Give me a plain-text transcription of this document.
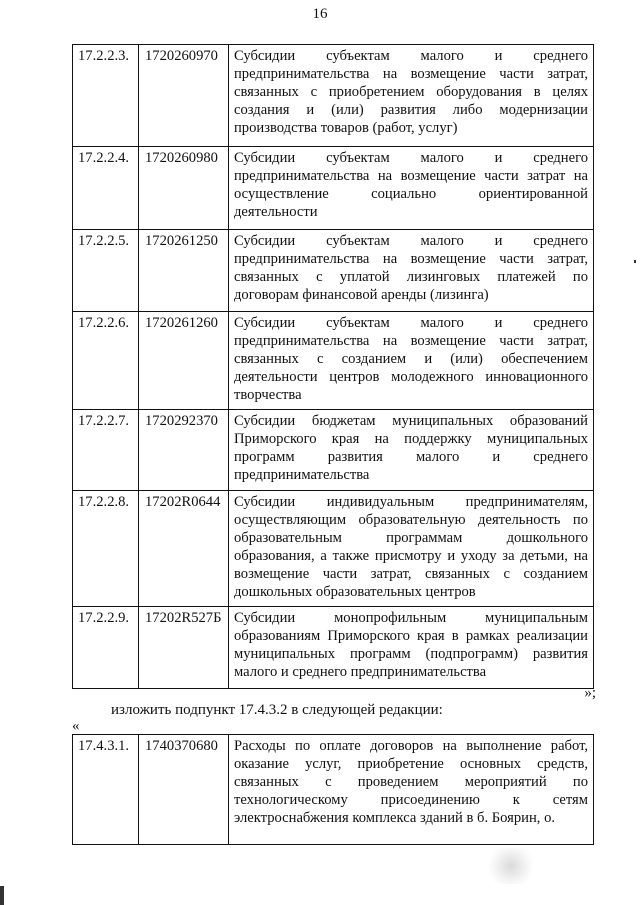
16
17.2.2.3.	1720260970	Субсидии субъектам малого и среднего предпринимательства на возмещение части затрат, связанных с приобретением оборудования в целях создания и (или) развития либо модернизации производства товаров (работ, услуг)
17.2.2.4.	1720260980	Субсидии субъектам малого и среднего предпринимательства на возмещение части затрат на осуществление социально ориентированной деятельности
17.2.2.5.	1720261250	Субсидии субъектам малого и среднего предпринимательства на возмещение части затрат, связанных с уплатой лизинговых платежей по договорам финансовой аренды (лизинга)
17.2.2.6.	1720261260	Субсидии субъектам малого и среднего предпринимательства на возмещение части затрат, связанных с созданием и (или) обеспечением деятельности центров молодежного инновационного творчества
17.2.2.7.	1720292370	Субсидии бюджетам муниципальных образований Приморского края на поддержку муниципальных программ развития малого и среднего предпринимательства
17.2.2.8.	17202R0644	Субсидии индивидуальным предпринимателям, осуществляющим образовательную деятельность по образовательным программам дошкольного образования, а также присмотру и уходу за детьми, на возмещение части затрат, связанных с созданием дошкольных образовательных центров
17.2.2.9.	17202R527Б	Субсидии монопрофильным муниципальным образованиям Приморского края в рамках реализации муниципальных программ (подпрограмм) развития малого и среднего предпринимательства
»;
изложить подпункт 17.4.3.2 в следующей редакции:
«
17.4.3.1.	1740370680	Расходы по оплате договоров на выполнение работ, оказание услуг, приобретение основных средств, связанных с проведением мероприятий по технологическому присоединению к сетям электроснабжения комплекса зданий в б. Боярин, о.
